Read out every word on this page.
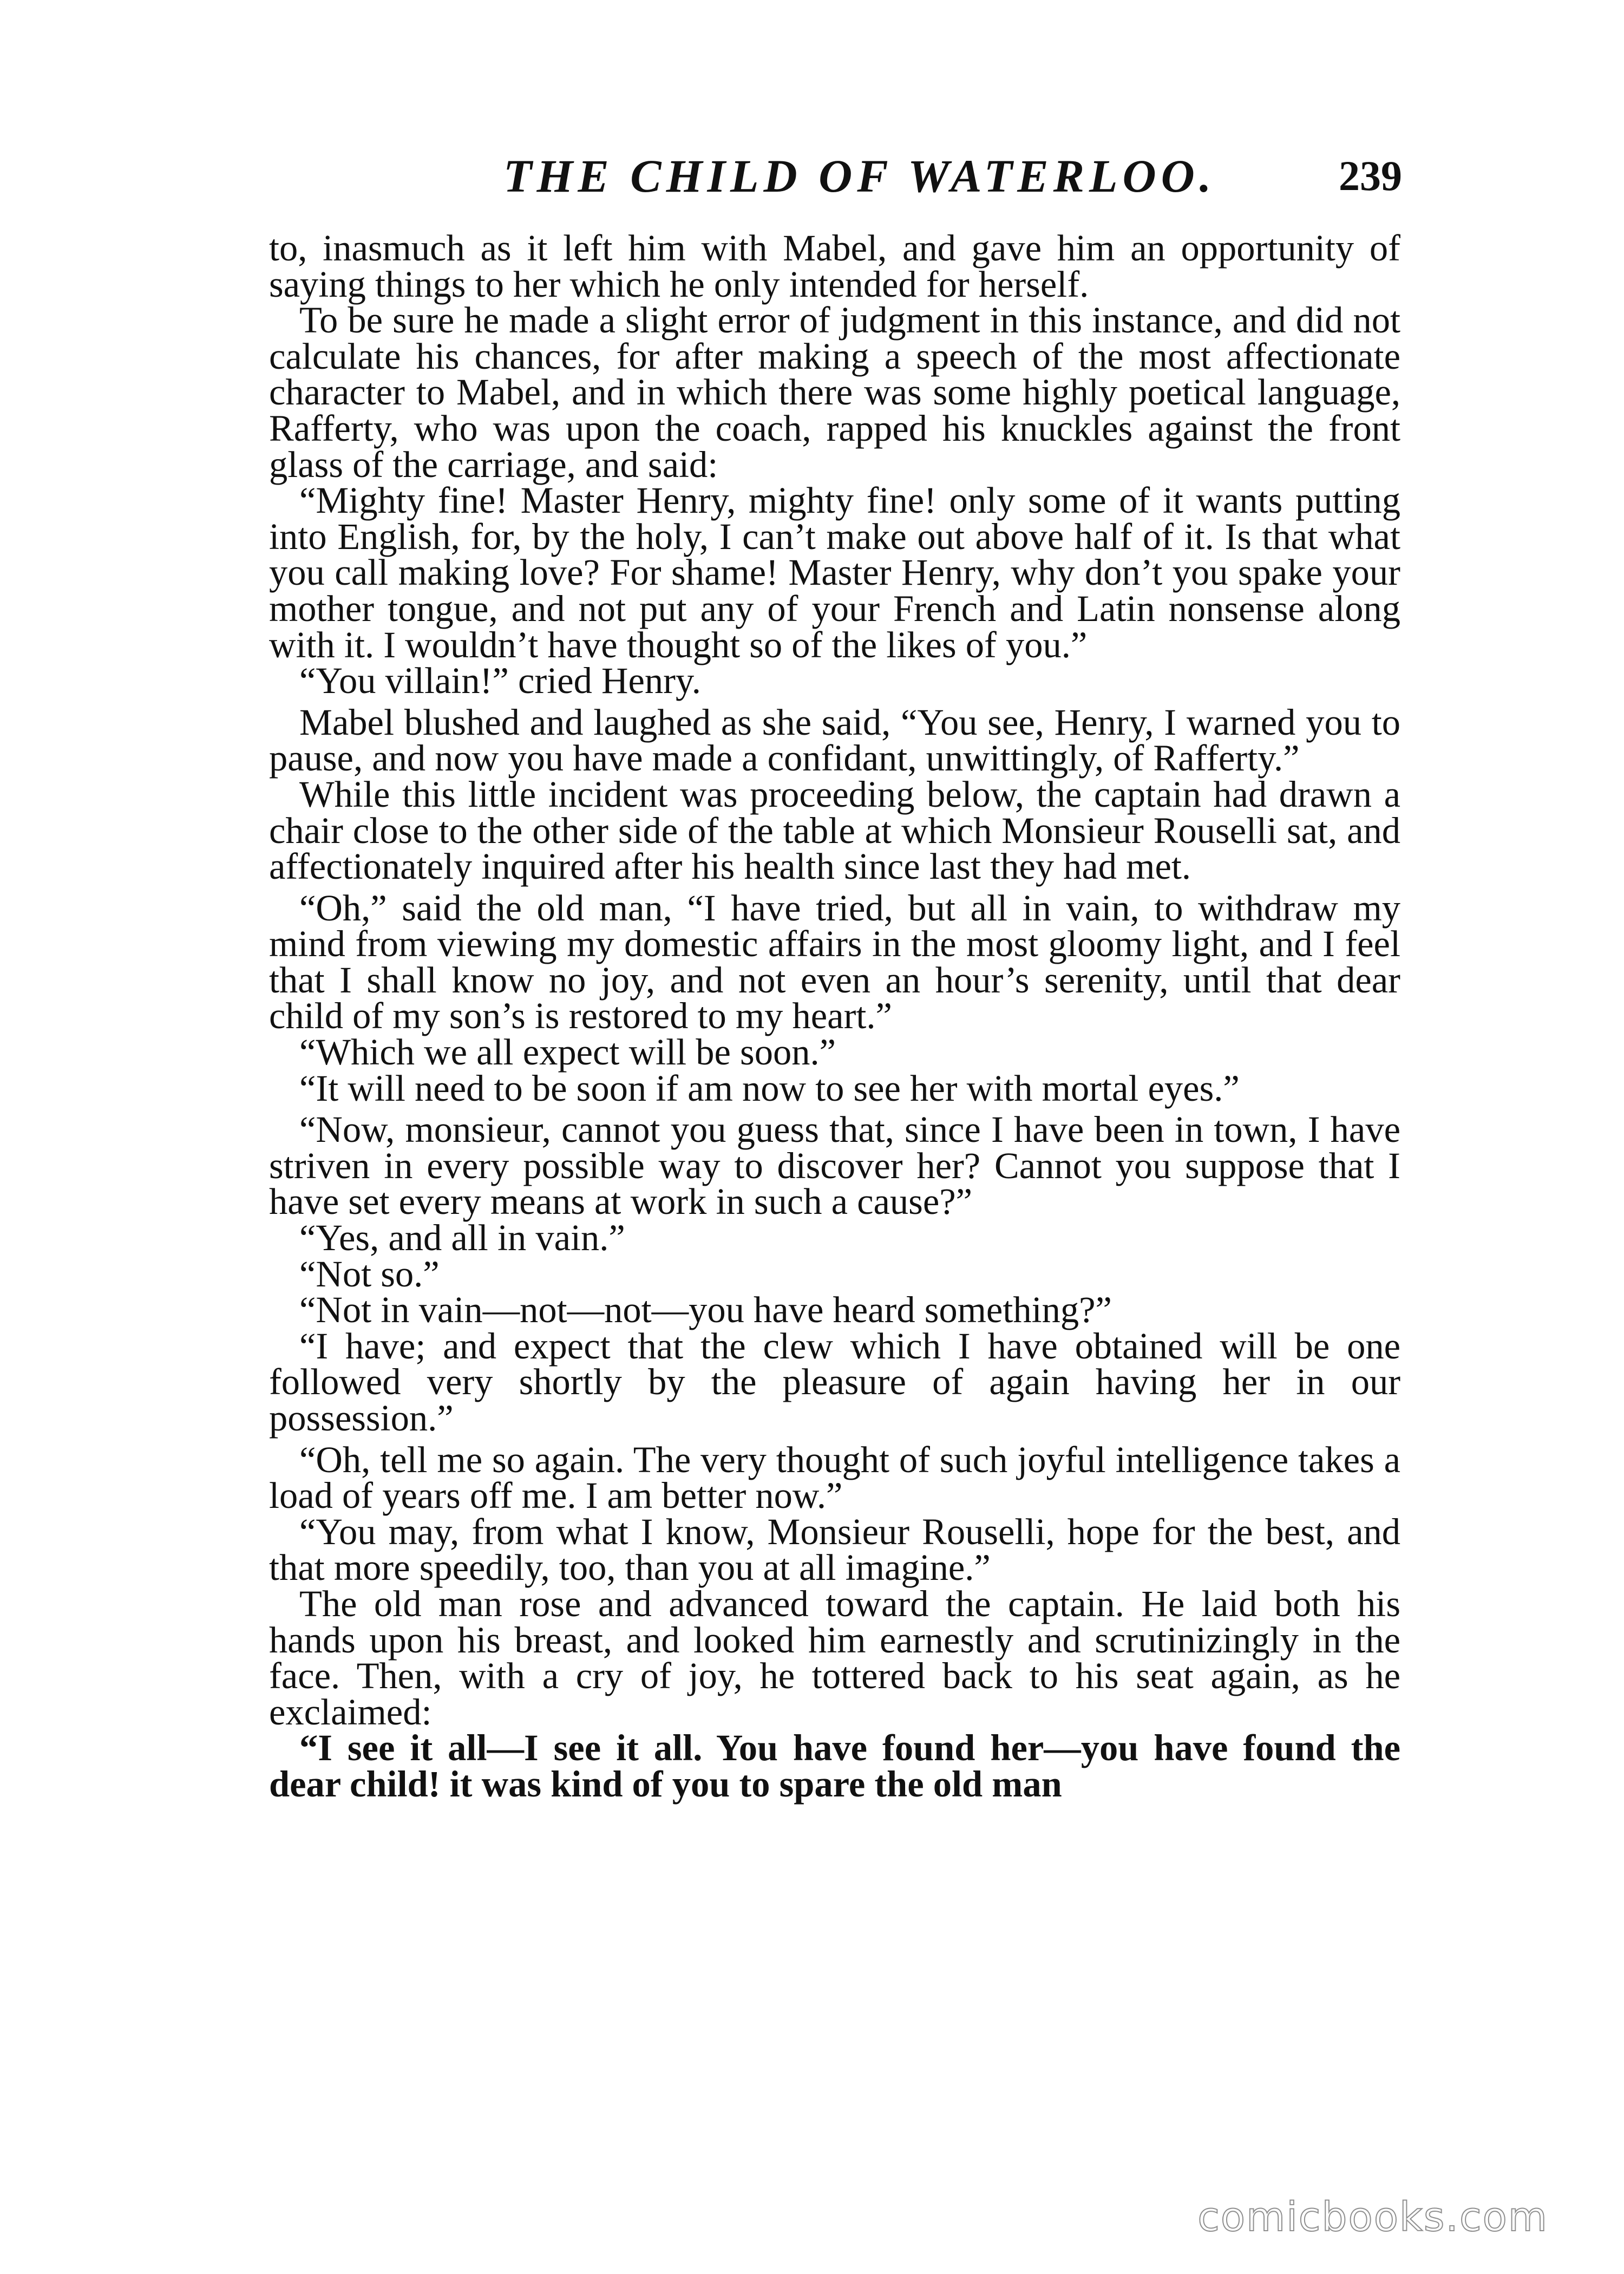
THE CHILD OF WATERLOO.	239

to, inasmuch as it left him with Mabel, and gave him an opportunity of saying things to her which he only intended for herself.

To be sure he made a slight error of judgment in this instance, and did not calculate his chances, for after making a speech of the most affectionate character to Mabel, and in which there was some highly poetical language, Rafferty, who was upon the coach, rapped his knuckles against the front glass of the carriage, and said:

“Mighty fine! Master Henry, mighty fine! only some of it wants putting into English, for, by the holy, I can’t make out above half of it. Is that what you call making love? For shame! Master Henry, why don’t you spake your mother tongue, and not put any of your French and Latin nonsense along with it. I wouldn’t have thought so of the likes of you.”

“You villain!” cried Henry.

Mabel blushed and laughed as she said, “You see, Henry, I warned you to pause, and now you have made a confidant, unwittingly, of Rafferty.”

While this little incident was proceeding below, the captain had drawn a chair close to the other side of the table at which Monsieur Rouselli sat, and affectionately inquired after his health since last they had met.

“Oh,” said the old man, “I have tried, but all in vain, to withdraw my mind from viewing my domestic affairs in the most gloomy light, and I feel that I shall know no joy, and not even an hour’s serenity, until that dear child of my son’s is restored to my heart.”

“Which we all expect will be soon.”

“It will need to be soon if am now to see her with mortal eyes.”

“Now, monsieur, cannot you guess that, since I have been in town, I have striven in every possible way to discover her? Cannot you suppose that I have set every means at work in such a cause?”

“Yes, and all in vain.”

“Not so.”

“Not in vain—not—not—you have heard something?”

“I have; and expect that the clew which I have obtained will be one followed very shortly by the pleasure of again having her in our possession.”

“Oh, tell me so again. The very thought of such joyful intelligence takes a load of years off me. I am better now.”

“You may, from what I know, Monsieur Rouselli, hope for the best, and that more speedily, too, than you at all imagine.”

The old man rose and advanced toward the captain. He laid both his hands upon his breast, and looked him earnestly and scrutinizingly in the face. Then, with a cry of joy, he tottered back to his seat again, as he exclaimed:

“I see it all—I see it all. You have found her—you have found the dear child! it was kind of you to spare the old man

comicbooks.com
